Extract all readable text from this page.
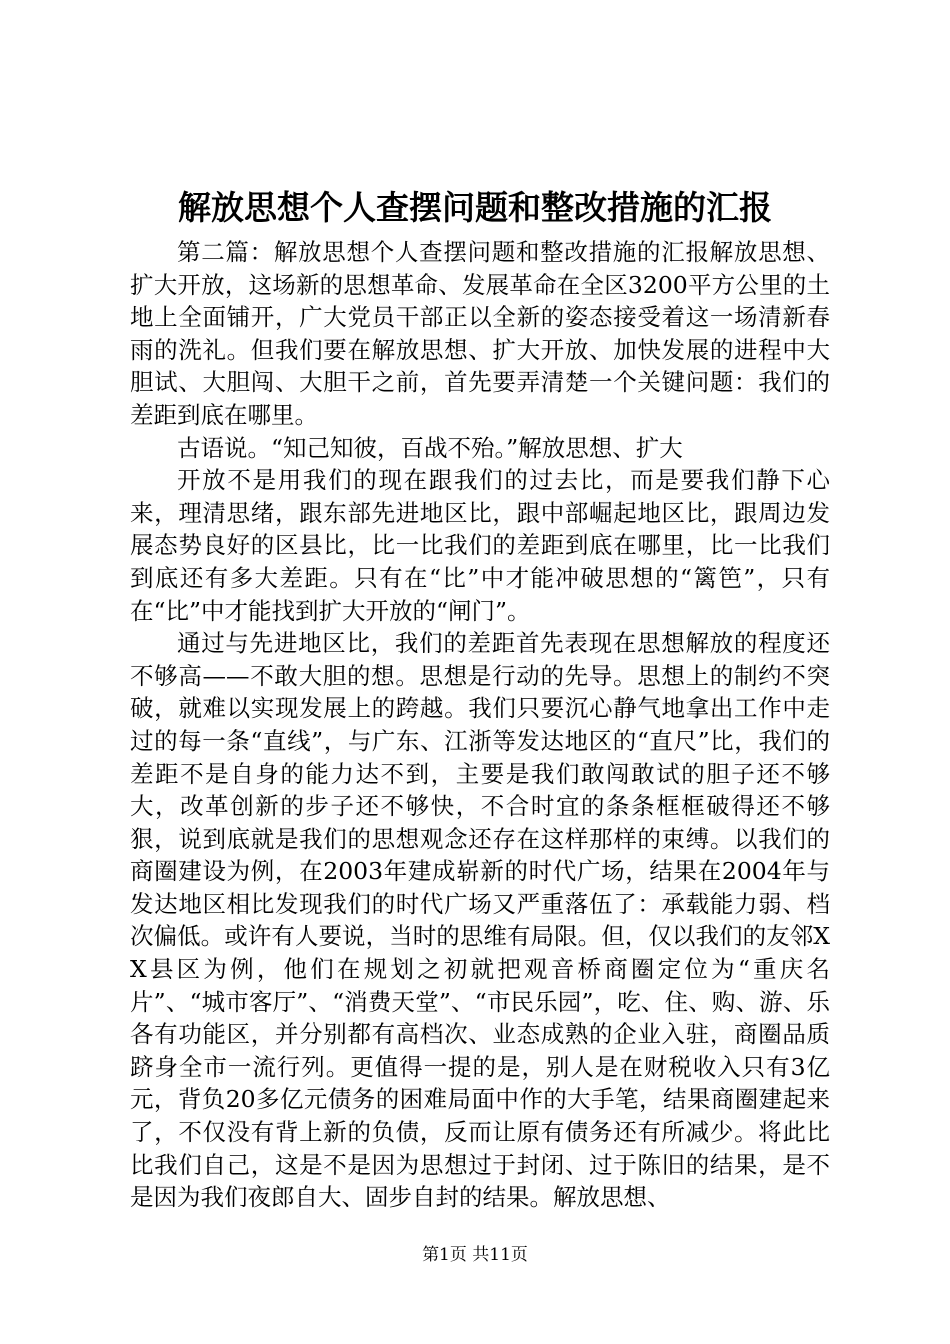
解放思想个人查摆问题和整改措施的汇报

第二篇：解放思想个人查摆问题和整改措施的汇报解放思想、扩大开放，这场新的思想革命、发展革命在全区3200平方公里的土地上全面铺开，广大党员干部正以全新的姿态接受着这一场清新春雨的洗礼。但我们要在解放思想、扩大开放、加快发展的进程中大胆试、大胆闯、大胆干之前，首先要弄清楚一个关键问题：我们的差距到底在哪里。

古语说。“知己知彼，百战不殆。”解放思想、扩大

开放不是用我们的现在跟我们的过去比，而是要我们静下心来，理清思绪，跟东部先进地区比，跟中部崛起地区比，跟周边发展态势良好的区县比，比一比我们的差距到底在哪里，比一比我们到底还有多大差距。只有在“比”中才能冲破思想的“篱笆”，只有在“比”中才能找到扩大开放的“闸门”。

通过与先进地区比，我们的差距首先表现在思想解放的程度还不够高——不敢大胆的想。思想是行动的先导。思想上的制约不突破，就难以实现发展上的跨越。我们只要沉心静气地拿出工作中走过的每一条“直线”，与广东、江浙等发达地区的“直尺”比，我们的差距不是自身的能力达不到，主要是我们敢闯敢试的胆子还不够大，改革创新的步子还不够快，不合时宜的条条框框破得还不够狠，说到底就是我们的思想观念还存在这样那样的束缚。以我们的商圈建设为例，在2003年建成崭新的时代广场，结果在2004年与发达地区相比发现我们的时代广场又严重落伍了：承载能力弱、档次偏低。或许有人要说，当时的思维有局限。但，仅以我们的友邻XX县区为例，他们在规划之初就把观音桥商圈定位为“重庆名片”、“城市客厅”、“消费天堂”、“市民乐园”，吃、住、购、游、乐各有功能区，并分别都有高档次、业态成熟的企业入驻，商圈品质跻身全市一流行列。更值得一提的是，别人是在财税收入只有3亿元，背负20多亿元债务的困难局面中作的大手笔，结果商圈建起来了，不仅没有背上新的负债，反而让原有债务还有所减少。将此比比我们自己，这是不是因为思想过于封闭、过于陈旧的结果，是不是因为我们夜郎自大、固步自封的结果。解放思想、

第1页 共11页
